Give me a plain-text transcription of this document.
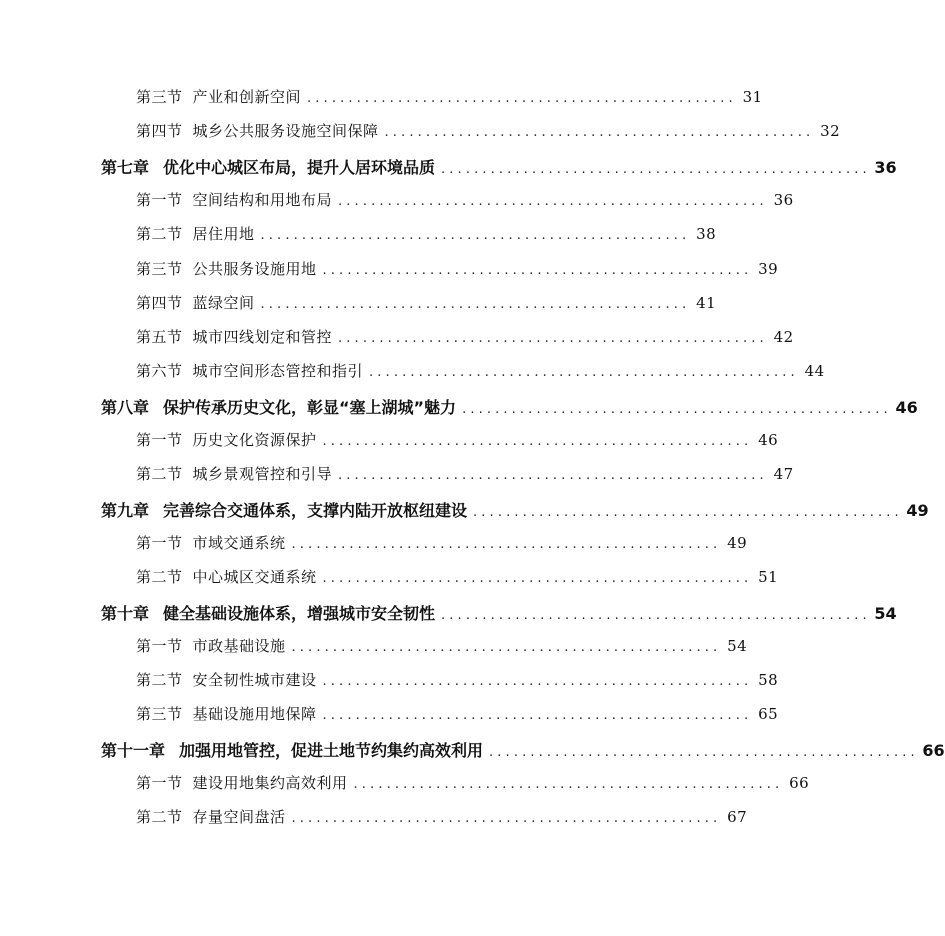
第三节 产业和创新空间 . . .	31
第四节 城乡公共服务设施空间保障 . . .	32
第七章 优化中心城区布局，提升人居环境品质 . . .	36
第一节 空间结构和用地布局 . . .	36
第二节 居住用地 . . .	38
第三节 公共服务设施用地 . . .	39
第四节 蓝绿空间 . . .	41
第五节 城市四线划定和管控 . . .	42
第六节 城市空间形态管控和指引 . . .	44
第八章 保护传承历史文化，彰显“塞上湖城”魅力 . . .	46
第一节 历史文化资源保护 . . .	46
第二节 城乡景观管控和引导 . . .	47
第九章 完善综合交通体系，支撑内陆开放枢纽建设 . . .	49
第一节 市域交通系统 . . .	49
第二节 中心城区交通系统 . . .	51
第十章 健全基础设施体系，增强城市安全韧性 . . .	54
第一节 市政基础设施 . . .	54
第二节 安全韧性城市建设 . . .	58
第三节 基础设施用地保障 . . .	65
第十一章 加强用地管控，促进土地节约集约高效利用 . . .	66
第一节 建设用地集约高效利用 . . .	66
第二节 存量空间盘活 . . .	67
